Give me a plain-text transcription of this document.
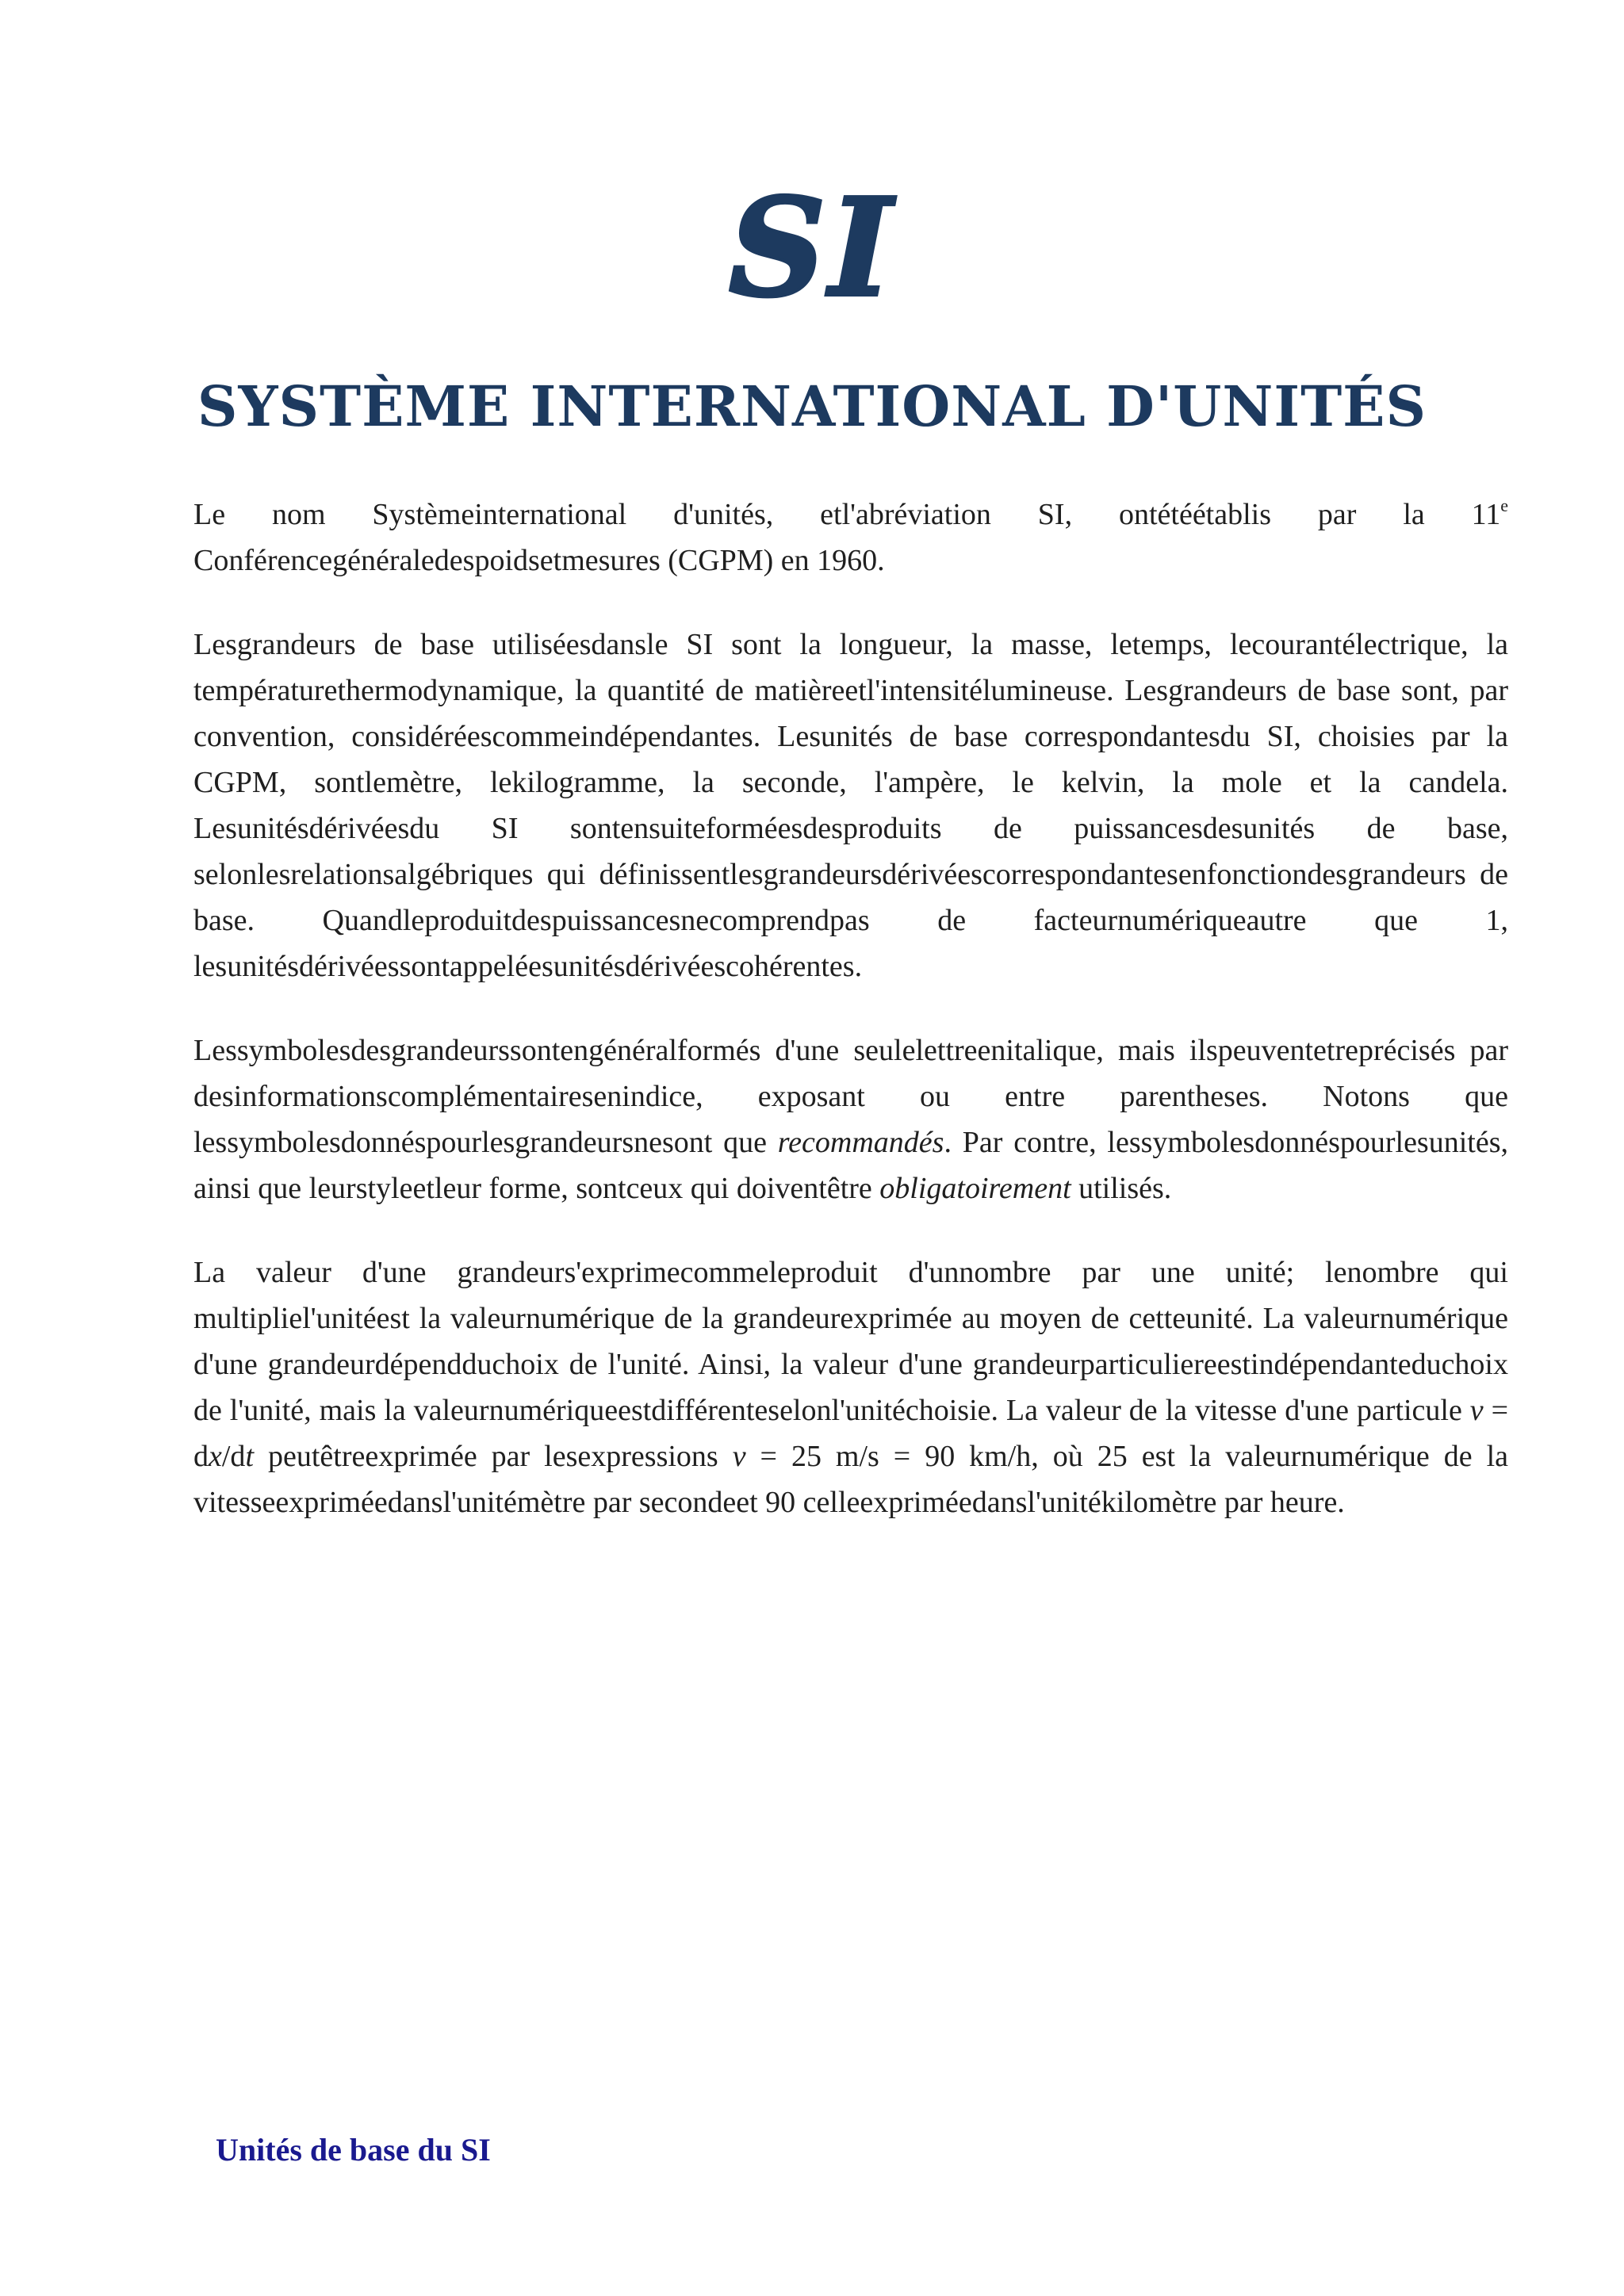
SI
SYSTÈME INTERNATIONAL D'UNITÉS

Le nom Systèmeinternational d'unités, etl'abréviation SI, ontétéétablis par la 11e Conférencegénéraledespoidsetmesures (CGPM) en 1960.

Lesgrandeurs de base utiliséesdansle SI sont la longueur, la masse, letemps, lecourantélectrique, la températurethermodynamique, la quantité de matièreetl'intensitélumineuse. Lesgrandeurs de base sont, par convention, considéréescommeindépendantes. Lesunités de base correspondantesdu SI, choisies par la CGPM, sontlemètre, lekilogramme, la seconde, l'ampère, le kelvin, la mole et la candela. Lesunitésdérivéesdu SI sontensuiteforméesdesproduits de puissancesdesunités de base, selonlesrelationsalgébriques qui définissentlesgrandeursdérivéescorrespondantesenfonctiondesgrandeurs de base. Quandleproduitdespuissancesnecomprendpas de facteurnumériqueautre que 1, lesunitésdérivéessontappeléesunitésdérivéescohérentes.

Lessymbolesdesgrandeurssontengénéralformés d'une seulelettreenitalique, mais ilspeuventetreprécisés par desinformationscomplémentairesenindice, exposant ou entre parentheses. Notons que lessymbolesdonnéspourlesgrandeursnesont que recommandés. Par contre, lessymbolesdonnéspourlesunités, ainsi que leurstyleetleur forme, sontceux qui doiventêtre obligatoirement utilisés.

La valeur d'une grandeurs'exprimecommeleproduit d'unnombre par une unité; lenombre qui multipliel'unitéest la valeurnumérique de la grandeurexprimée au moyen de cetteunité. La valeurnumérique d'une grandeurdépendduchoix de l'unité. Ainsi, la valeur d'une grandeurparticuliereestindépendanteduchoix de l'unité, mais la valeurnumériqueestdifférenteselonl'unitéchoisie. La valeur de la vitesse d'une particule v = dx/dt peutêtreexprimée par lesexpressions v = 25 m/s = 90 km/h, où 25 est la valeurnumérique de la vitesseexpriméedansl'unitémètre par secondeet 90 celleexpriméedansl'unitékilomètre par heure.

Unités de base du SI
